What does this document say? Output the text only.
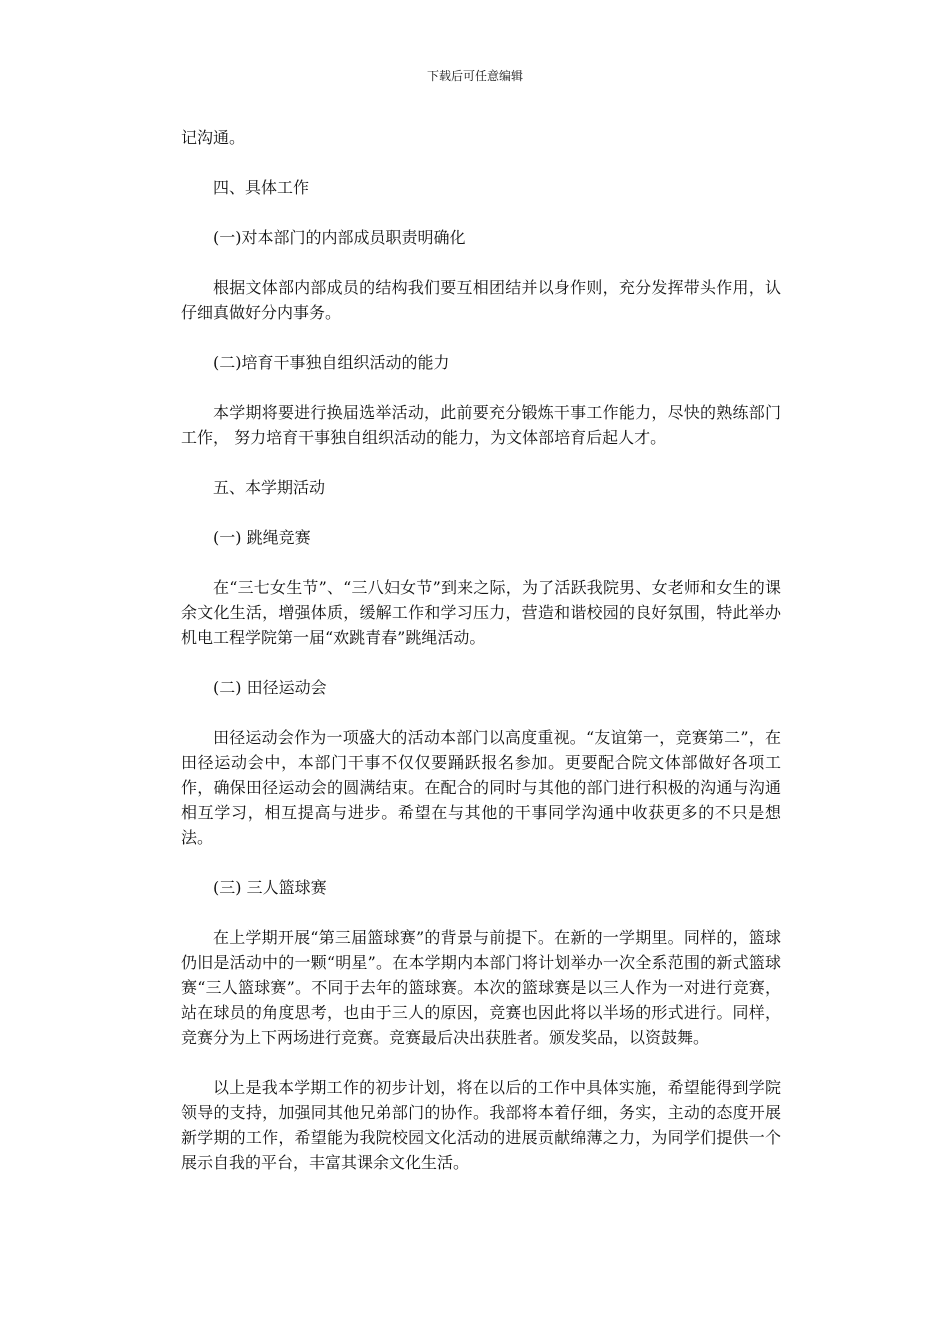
下载后可任意编辑

记沟通。

四、具体工作

(一)对本部门的内部成员职责明确化

根据文体部内部成员的结构我们要互相团结并以身作则，充分发挥带头作用，认仔细真做好分内事务。

(二)培育干事独自组织活动的能力

本学期将要进行换届选举活动，此前要充分锻炼干事工作能力，尽快的熟练部门工作， 努力培育干事独自组织活动的能力，为文体部培育后起人才。

五、本学期活动

(一) 跳绳竞赛

在“三七女生节”、“三八妇女节”到来之际，为了活跃我院男、女老师和女生的课余文化生活，增强体质，缓解工作和学习压力，营造和谐校园的良好氛围，特此举办机电工程学院第一届“欢跳青春”跳绳活动。

(二) 田径运动会

田径运动会作为一项盛大的活动本部门以高度重视。“友谊第一，竞赛第二”，在田径运动会中，本部门干事不仅仅要踊跃报名参加。更要配合院文体部做好各项工作，确保田径运动会的圆满结束。在配合的同时与其他的部门进行积极的沟通与沟通相互学习，相互提高与进步。希望在与其他的干事同学沟通中收获更多的不只是想法。

(三) 三人篮球赛

在上学期开展“第三届篮球赛”的背景与前提下。在新的一学期里。同样的，篮球仍旧是活动中的一颗“明星”。在本学期内本部门将计划举办一次全系范围的新式篮球赛“三人篮球赛”。不同于去年的篮球赛。本次的篮球赛是以三人作为一对进行竞赛，站在球员的角度思考，也由于三人的原因，竞赛也因此将以半场的形式进行。同样，竞赛分为上下两场进行竞赛。竞赛最后决出获胜者。颁发奖品，以资鼓舞。

以上是我本学期工作的初步计划，将在以后的工作中具体实施，希望能得到学院领导的支持，加强同其他兄弟部门的协作。我部将本着仔细，务实，主动的态度开展新学期的工作，希望能为我院校园文化活动的进展贡献绵薄之力，为同学们提供一个展示自我的平台，丰富其课余文化生活。
